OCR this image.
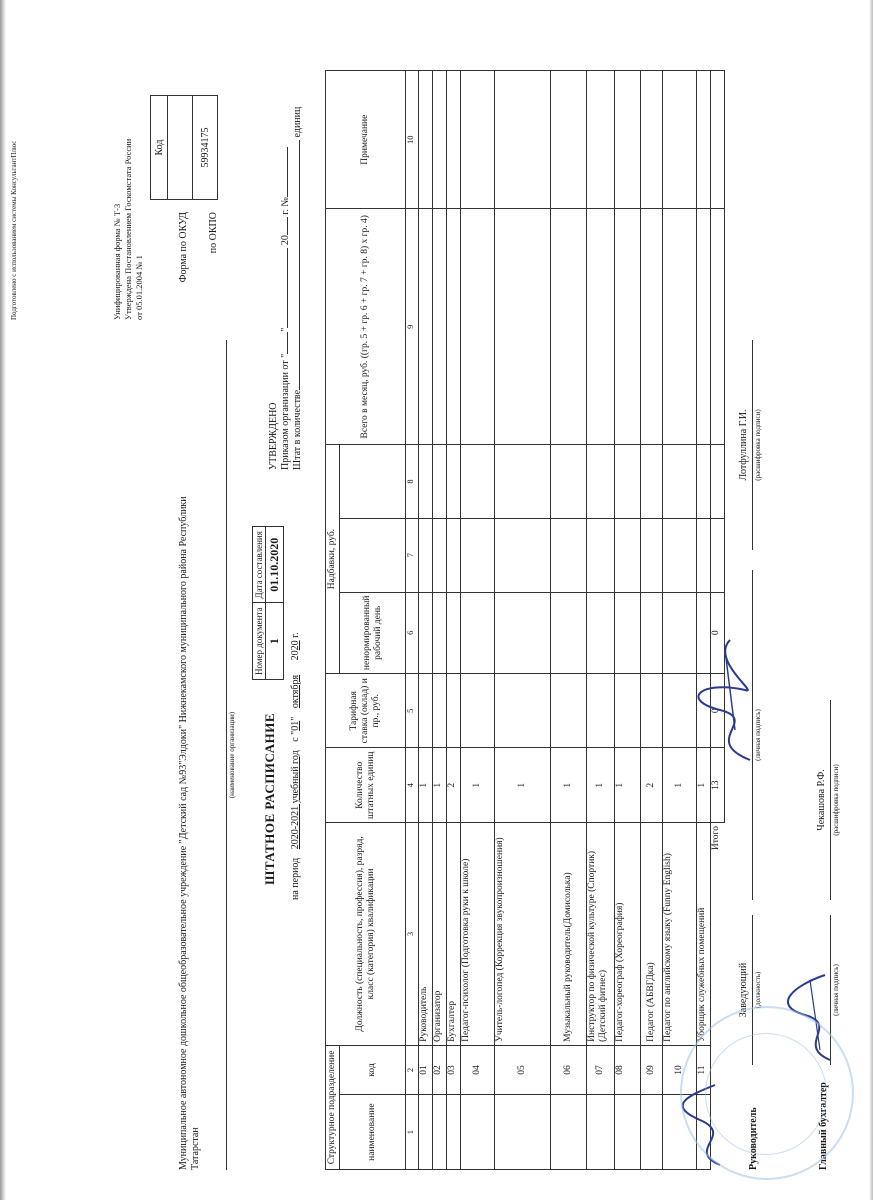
Подготовлено с использованием системы КонсультантПлюс	Унифицированная форма № Т-3 Утверждена Постановлением Госкомстата России от 05.01.2004 № 1
Форма по ОКУД по ОКПО
Код

59934175
Муниципальное автономное дошкольное общеобразовательное учреждение "Детский сад №93"Элдоки" Нижнекамского муниципального района Республики Татарстан
(наименование организации)
Номер документа	Дата составления
1	01.10.2020
ШТАТНОЕ РАСПИСАНИЕ на период 2020-2021 учебный год с "01" октября 2020 г.
УТВЕРЖДЕНО Приказом организации от "" 20 г. №
Штат в количестве единиц
Структурное подразделение		Должность (специальность, профессия), разряд, класс (категория) квалификации	Количество штатных единиц	Тарифная ставка (оклад) и пр., руб.	Надбавки, руб.			Всего в месяц, руб. ((гр. 5 + гр. 6 + гр. 7 + гр. 8) x гр. 4)	Примечание
наименование	код				ненормированный рабочий день				
1	2	3	4	5	6	7	8	9	10
	01	Руководитель	1						
	02	Организатор	1						
	03	Бухгалтер	2						
	04	Педагог-психолог (Подготовка руки к школе)	1						
	05	Учитель-логопед (Коррекция звукопроизношения)	1						
	06	Музыкальный руководитель(Домисолька)	1						
	07	Инструктор по физической культуре (Спортик) (Детский фитнес)	1						
	08	Педагог-хореограф (Хореография)	1						
	09	Педагог (АБВГДка)	2						
	10	Педагог по английскому языку (Funny English)	1						
	11	Уборщик служебных помещений	1						
Итого			13	0	0				
Руководитель
Заведующий (должность)
(личная подпись)
Лотфуллина Г.И. (расшифровка подписи)
Главный бухгалтер
(личная подпись)
Чекашова Р.Ф. (расшифровка подписи)
